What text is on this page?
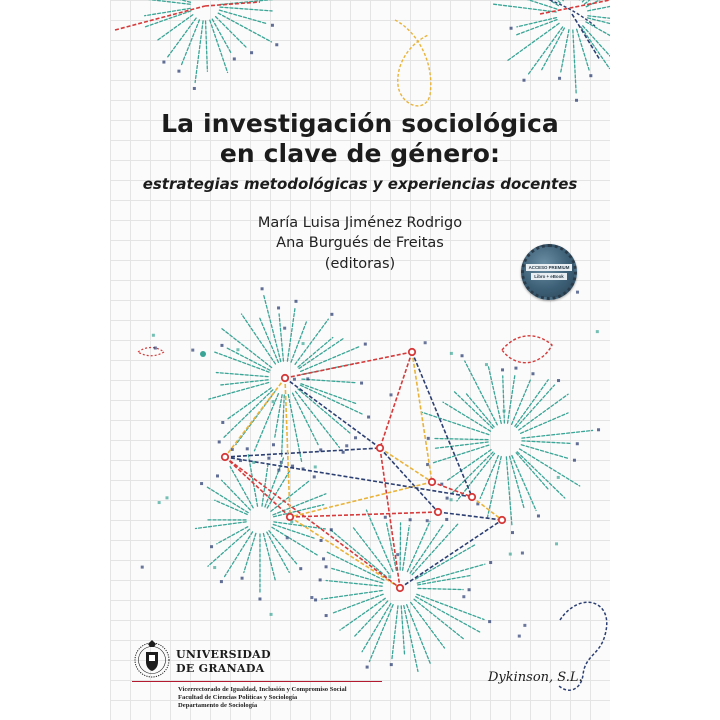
La investigación sociológica
en clave de género:
estrategias metodológicas y experiencias docentes
María Luisa Jiménez Rodrigo
Ana Burgués de Freitas
(editoras)	ACCESO PREMIUM
Libro + eBook
UNIVERSIDAD
DE GRANADA
Vicerrectorado de Igualdad, Inclusión y Compromiso Social
Facultad de Ciencias Políticas y Sociología
Departamento de Sociología
Dykinson, S.L.
